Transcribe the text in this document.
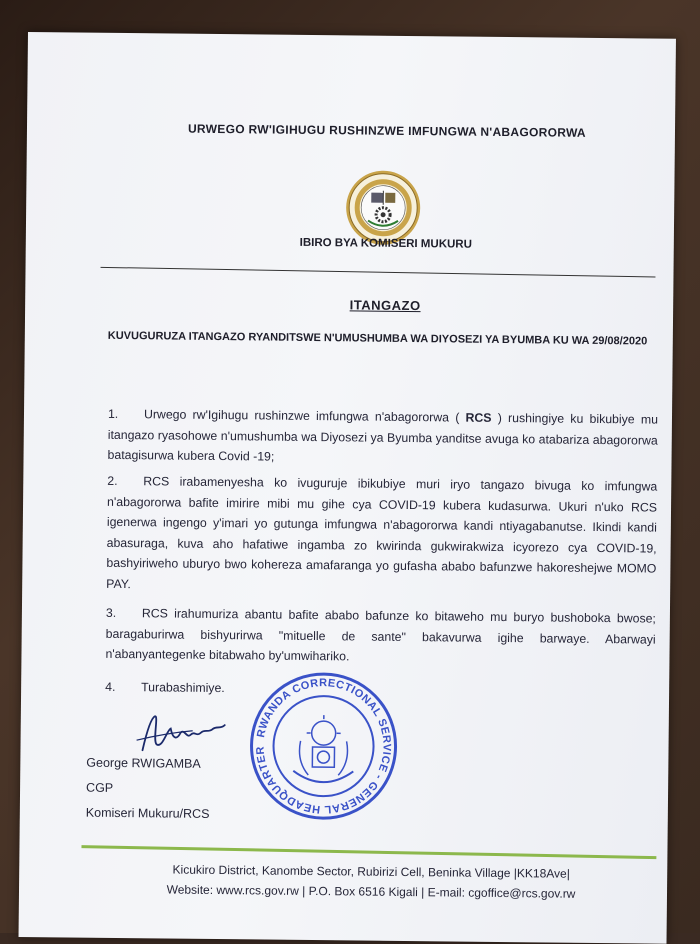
URWEGO RW'IGIHUGU RUSHINZWE IMFUNGWA N'ABAGORORWA
IBIRO BYA KOMISERI MUKURU
ITANGAZO
KUVUGURUZA ITANGAZO RYANDITSWE N'UMUSHUMBA WA DIYOSEZI YA BYUMBA KU WA 29/08/2020
1. Urwego rw'Igihugu rushinzwe imfungwa n'abagororwa ( RCS ) rushingiye ku bikubiye mu itangazo ryasohowe n'umushumba wa Diyosezi ya Byumba yanditse avuga ko atabariza abagororwa batagisurwa kubera Covid -19;
2. RCS irabamenyesha ko ivuguruje ibikubiye muri iryo tangazo bivuga ko imfungwa n'abagororwa bafite imirire mibi mu gihe cya COVID-19 kubera kudasurwa. Ukuri n'uko RCS igenerwa ingengo y'imari yo gutunga imfungwa n'abagororwa kandi ntiyagabanutse. Ikindi kandi abasuraga, kuva aho hafatiwe ingamba zo kwirinda gukwirakwiza icyorezo cya COVID-19, bashyiriweho uburyo bwo kohereza amafaranga yo gufasha ababo bafunzwe hakoreshejwe MOMO PAY.
3. RCS irahumuriza abantu bafite ababo bafunze ko bitaweho mu buryo bushoboka bwose; baragaburirwa bishyurirwa "mituelle de sante" bakavurwa igihe barwaye. Abarwayi n'abanyantegenke bitabwaho by'umwihariko.
4. Turabashimiye.
RWANDA CORRECTIONAL SERVICE - GENERAL HEADQUARTER
George RWIGAMBA
CGP
Komiseri Mukuru/RCS
Kicukiro District, Kanombe Sector, Rubirizi Cell, Beninka Village |KK18Ave|
Website: www.rcs.gov.rw | P.O. Box 6516 Kigali | E-mail: cgoffice@rcs.gov.rw
